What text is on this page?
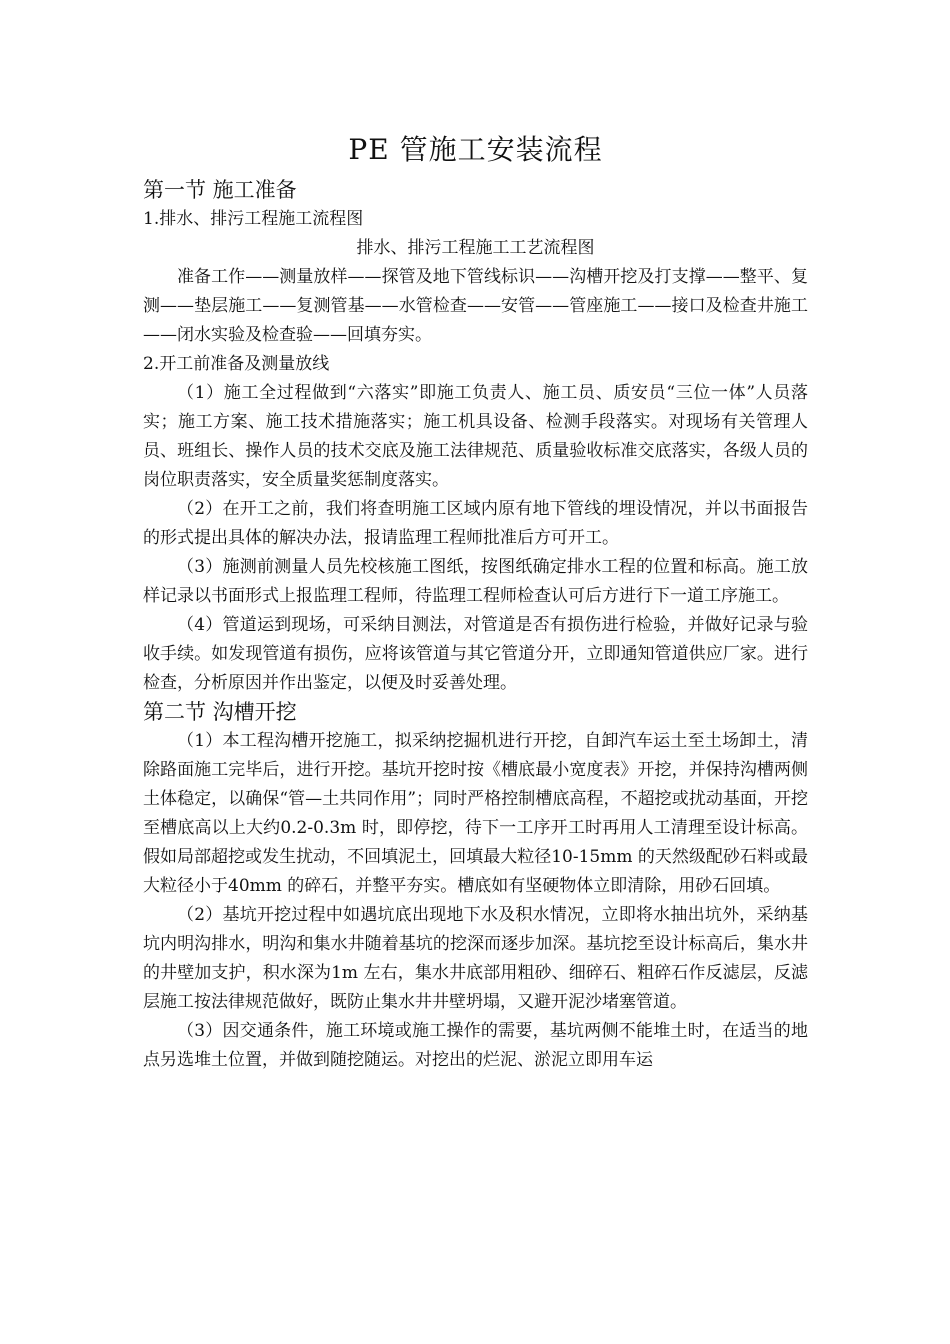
PE 管施工安装流程
第一节 施工准备

1.排水、排污工程施工流程图

排水、排污工程施工工艺流程图

准备工作——测量放样——探管及地下管线标识——沟槽开挖及打支撑——整平、复测——垫层施工——复测管基——水管检查——安管——管座施工——接口及检查井施工——闭水实验及检查验——回填夯实。

2.开工前准备及测量放线

（1）施工全过程做到“六落实”即施工负责人、施工员、质安员“三位一体”人员落实；施工方案、施工技术措施落实；施工机具设备、检测手段落实。对现场有关管理人员、班组长、操作人员的技术交底及施工法律规范、质量验收标准交底落实，各级人员的岗位职责落实，安全质量奖惩制度落实。

（2）在开工之前，我们将查明施工区域内原有地下管线的埋设情况，并以书面报告的形式提出具体的解决办法，报请监理工程师批准后方可开工。

（3）施测前测量人员先校核施工图纸，按图纸确定排水工程的位置和标高。施工放样记录以书面形式上报监理工程师，待监理工程师检查认可后方进行下一道工序施工。

（4）管道运到现场，可采纳目测法，对管道是否有损伤进行检验，并做好记录与验收手续。如发现管道有损伤，应将该管道与其它管道分开，立即通知管道供应厂家。进行检查，分析原因并作出鉴定，以便及时妥善处理。

第二节 沟槽开挖

（1）本工程沟槽开挖施工，拟采纳挖掘机进行开挖，自卸汽车运土至土场卸土，清除路面施工完毕后，进行开挖。基坑开挖时按《槽底最小宽度表》开挖，并保持沟槽两侧土体稳定，以确保“管—土共同作用”；同时严格控制槽底高程，不超挖或扰动基面，开挖至槽底高以上大约0.2-0.3m 时，即停挖，待下一工序开工时再用人工清理至设计标高。假如局部超挖或发生扰动，不回填泥土，回填最大粒径10-15mm 的天然级配砂石料或最大粒径小于40mm 的碎石，并整平夯实。槽底如有坚硬物体立即清除，用砂石回填。

（2）基坑开挖过程中如遇坑底出现地下水及积水情况，立即将水抽出坑外，采纳基坑内明沟排水，明沟和集水井随着基坑的挖深而逐步加深。基坑挖至设计标高后，集水井的井壁加支护，积水深为1m 左右，集水井底部用粗砂、细碎石、粗碎石作反滤层，反滤层施工按法律规范做好，既防止集水井井壁坍塌，又避开泥沙堵塞管道。

（3）因交通条件，施工环境或施工操作的需要，基坑两侧不能堆土时，在适当的地点另选堆土位置，并做到随挖随运。对挖出的烂泥、淤泥立即用车运
